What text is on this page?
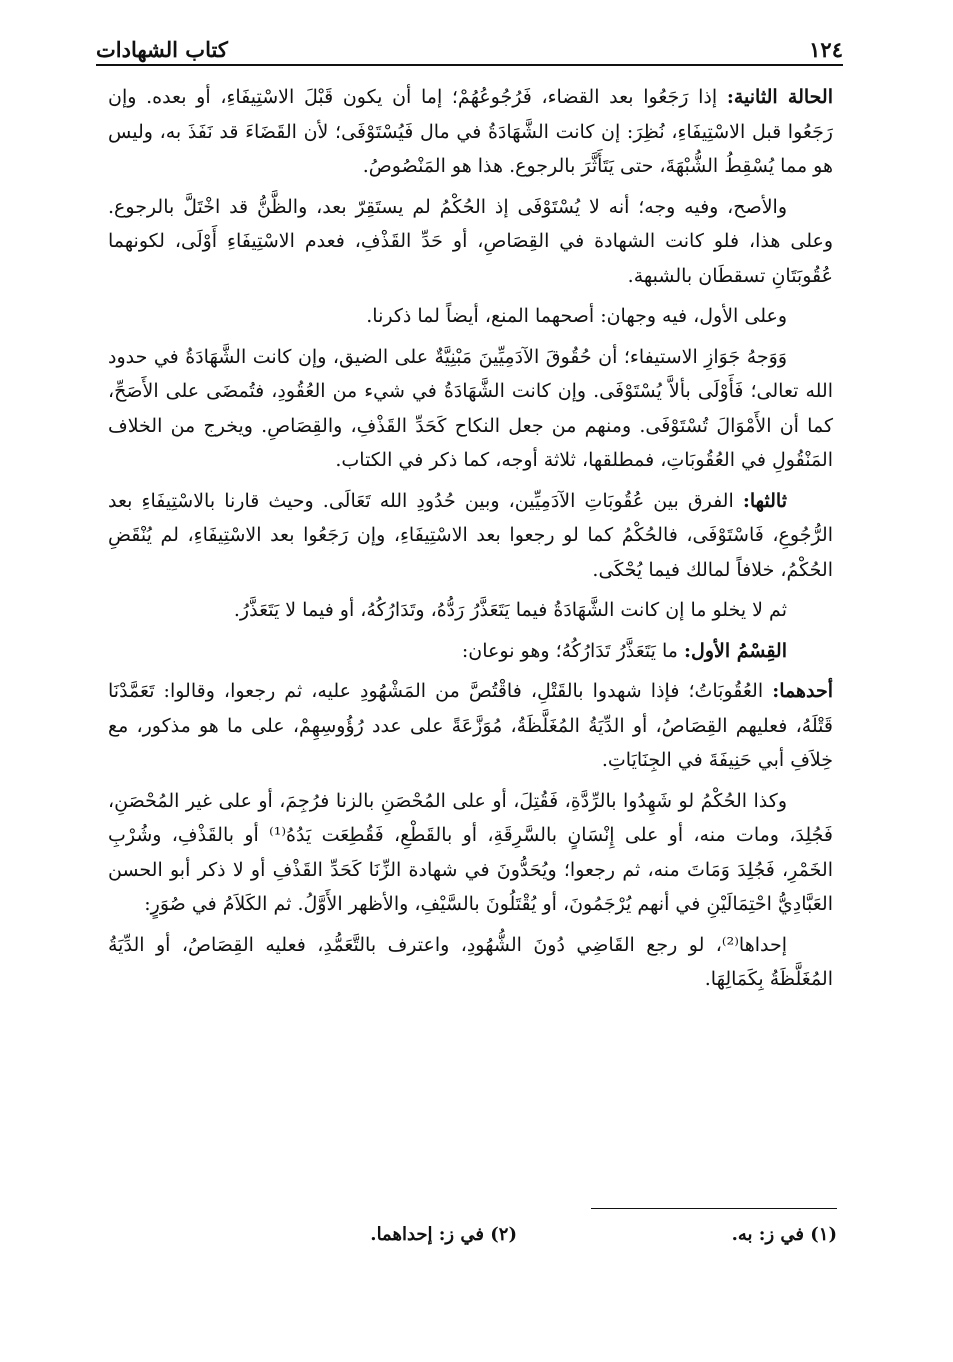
١٢٤
كتاب الشهادات

الحالة الثانية: إذا رَجَعُوا بعد القضاء، فَرُجُوعُهُمْ؛ إما أن يكون قَبْلَ الاسْتِيفَاءِ، أو بعده. وإن رَجَعُوا قبل الاسْتِيفَاءِ، نُظِرَ: إن كانت الشَّهَادَةُ في مال فَيُسْتَوْفَى؛ لأن القَضَاءَ قد نَفَذَ به، وليس هو مما يُسْقِطُ الشُّبْهَةَ، حتى يَتَأَثَّرَ بالرجوع. هذا هو المَنْصُوصُ.

والأصح، وفيه وجه؛ أنه لا يُسْتَوْفَى إذ الحُكْمُ لم يستَقِرّ بعد، والظَّنُّ قد اخْتَلَّ بالرجوع. وعلى هذا، فلو كانت الشهادة في القِصَاصِ، أو حَدِّ القَذْفِ، فعدم الاسْتِيفَاءِ أَوْلَى، لكونهما عُقُوبَتَانِ تسقطَان بالشبهة.

وعلى الأول، فيه وجهان: أصحهما المنع، أيضاً لما ذكرنا.

وَوَجهُ جَوَازِ الاستيفاء؛ أن حُقُوقَ الآدَمِيِّينَ مَبْنِيَّةٌ على الضيق، وإن كانت الشَّهَادَةُ في حدود الله تعالى؛ فَأَوْلَى بألاَّ يُسْتَوْفَى. وإن كانت الشَّهَادَةُ في شيء من العُقُودِ، فتُمضَى على الأَصَحِّ، كما أن الأَمْوَالَ تُسْتَوْفَى. ومنهم من جعل النكاح كَحَدِّ القَذْفِ، والقِصَاصِ. ويخرج من الخلاف المَنْقُولِ في العُقُوبَاتِ، فمطلقها، ثلاثة أوجه، كما ذكر في الكتاب.

ثالثها: الفرق بين عُقُوبَاتِ الآدَمِيِّين، وبين حُدُودِ الله تَعَالَى. وحيث قارنا بالاسْتِيفَاءِ بعد الرُّجُوعِ، فَاسْتَوْفَى، فالحُكْمُ كما لو رجعوا بعد الاسْتِيفَاءِ، وإن رَجَعُوا بعد الاسْتِيفَاءِ، لم يُنْقَضِ الحُكْمُ، خلافاً لمالك فيما يُحْكَى.

ثم لا يخلو ما إن كانت الشَّهَادَةُ فيما يَتَعَذَّرُ رَدُّهُ، وتَدَارُكُهُ، أو فيما لا يَتَعَذَّرُ.

القِسْمُ الأول: ما يَتَعَذَّرُ تَدَارُكُهُ؛ وهو نوعان:

أحدهما: العُقُوبَاتُ؛ فإذا شهدوا بالقَتْلِ، فاقْتُصَّ من المَشْهُودِ عليه، ثم رجعوا، وقالوا: تَعَمَّدْنَا قَتْلَهُ، فعليهم القِصَاصُ، أو الدِّيَةُ المُغَلَّظَةُ، مُوَزَّعَةً على عدد رُؤُوسِهِمْ، على ما هو مذكور، مع خِلاَفِ أبي حَنِيفَةَ في الجِنَايَاتِ.

وكذا الحُكْمُ لو شَهِدُوا بالرِّدَّةِ، فَقُتِلَ، أو على المُحْصَنِ بالزنا فرُجِمَ، أو على غير المُحْصَنِ، فَجُلِدَ، ومات منه، أو على إِنْسَانٍ بالسَّرِقَةِ، أو بالقَطْعِ، فَقُطِعَت يَدُهُ⁽¹⁾ أو بالقَذْفِ، وشُرْبِ الخَمْرِ، فَجُلِدَ وَمَاتَ منه، ثم رجعوا؛ ويُحَدُّونَ في شهادة الزِّنَا كَحَدِّ القَذْفِ أو لا ذكر أبو الحسن العَبَّادِيُّ احْتِمَالَيْنِ في أنهم يُرْجَمُونَ، أو يُقْتَلُونَ بالسَّيْفِ، والأظهر الأَوَّلُ. ثم الكَلاَمُ في صُوَرٍ:

إحداها⁽²⁾، لو رجع القَاضِي دُونَ الشُّهُودِ، واعترف بالتَّعَمُّدِ، فعليه القِصَاصُ، أو الدِّيَةُ المُغَلَّظَةُ بِكَمَالِهَا.

(١) في ز: به.
(٢) في ز: إحداهما.
